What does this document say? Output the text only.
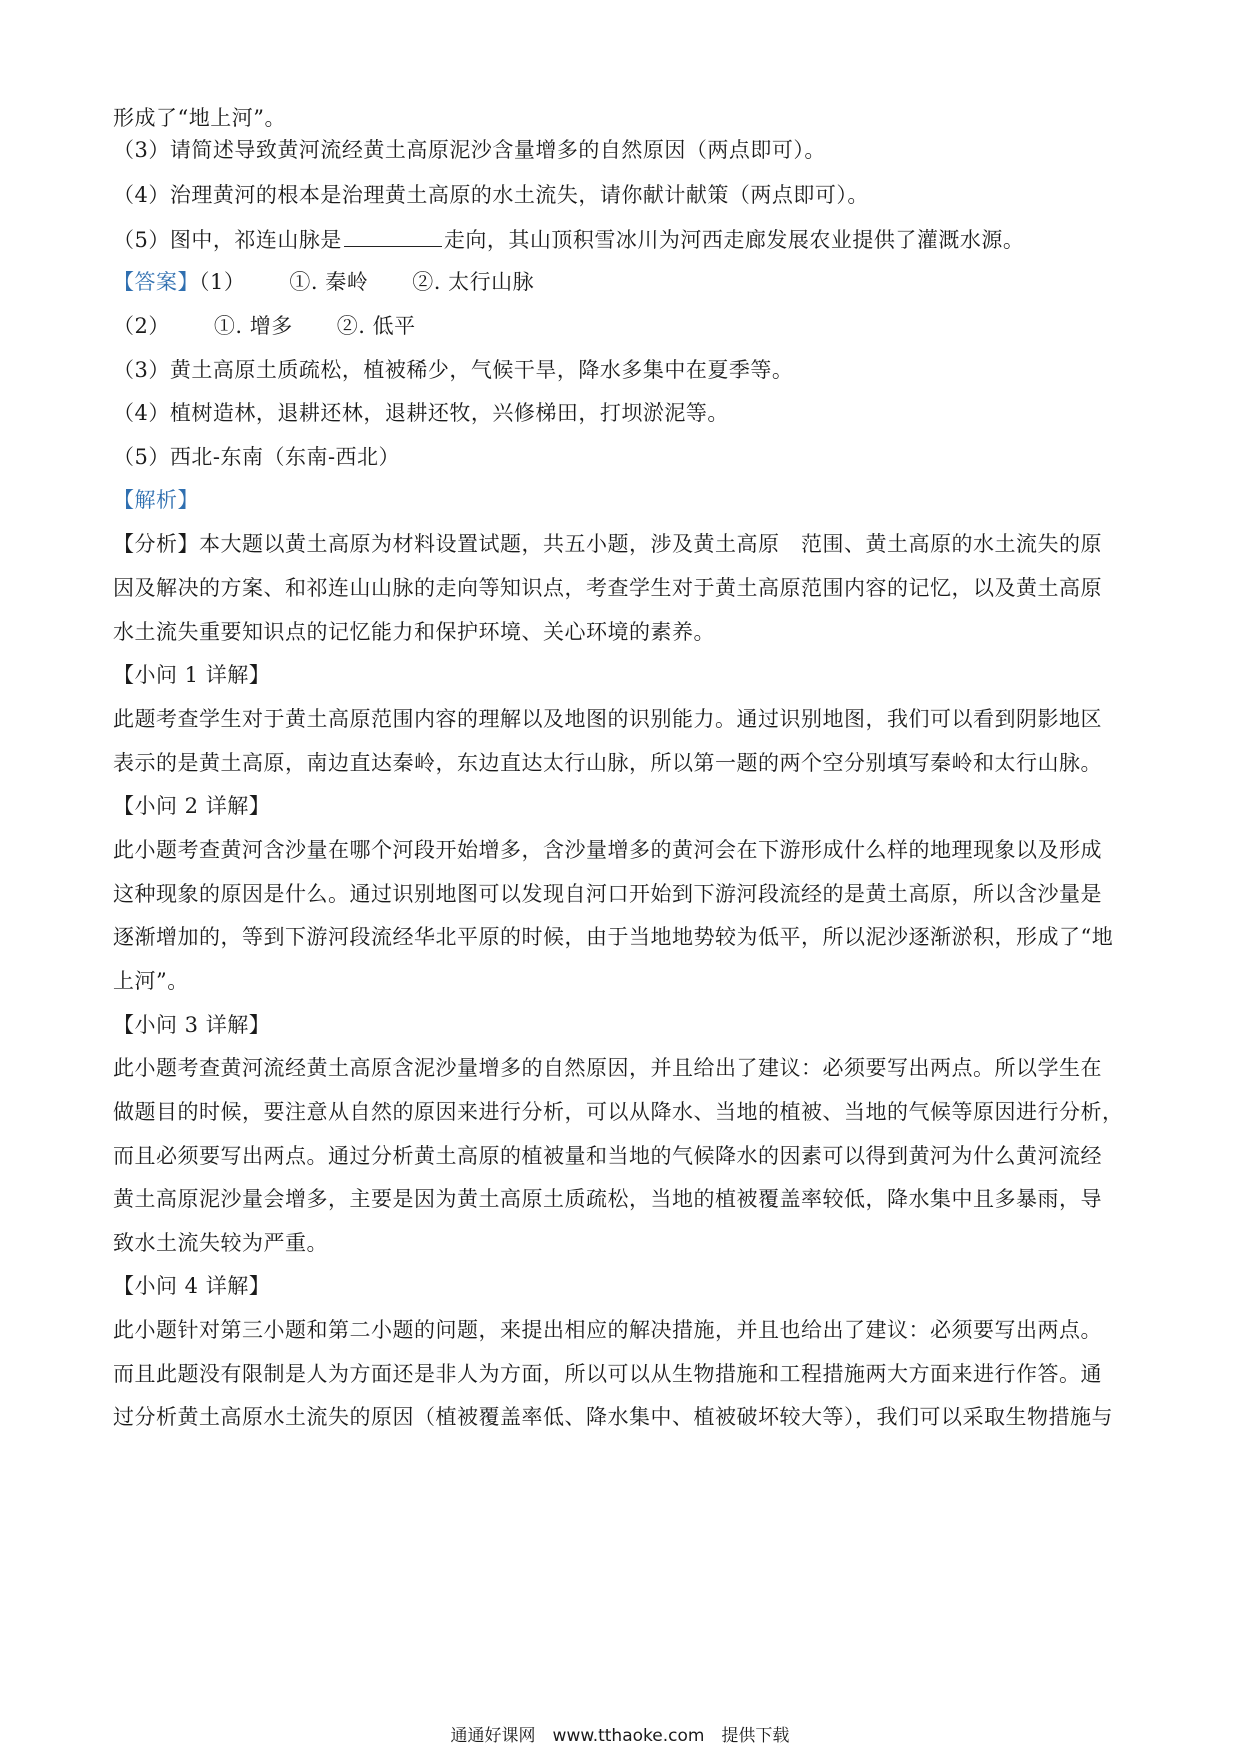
形成了“地上河”。
（3）请简述导致黄河流经黄土高原泥沙含量增多的自然原因（两点即可）。
（4）治理黄河的根本是治理黄土高原的水土流失，请你献计献策（两点即可）。
（5）图中，祁连山脉是	走向，其山顶积雪冰川为河西走廊发展农业提供了灌溉水源。
【答案】（1） ①. 秦岭 ②. 太行山脉
（2） ①. 增多 ②. 低平
（3）黄土高原土质疏松，植被稀少，气候干旱，降水多集中在夏季等。
（4）植树造林，退耕还林，退耕还牧，兴修梯田，打坝淤泥等。
（5）西北-东南（东南-西北）
【解析】
【分析】本大题以黄土高原为材料设置试题，共五小题，涉及黄土高原　范围、黄土高原的水土流失的原
因及解决的方案、和祁连山山脉的走向等知识点，考查学生对于黄土高原范围内容的记忆，以及黄土高原
水土流失重要知识点的记忆能力和保护环境、关心环境的素养。
【小问 1 详解】
此题考查学生对于黄土高原范围内容的理解以及地图的识别能力。通过识别地图，我们可以看到阴影地区
表示的是黄土高原，南边直达秦岭，东边直达太行山脉，所以第一题的两个空分别填写秦岭和太行山脉。
【小问 2 详解】
此小题考查黄河含沙量在哪个河段开始增多，含沙量增多的黄河会在下游形成什么样的地理现象以及形成
这种现象的原因是什么。通过识别地图可以发现自河口开始到下游河段流经的是黄土高原，所以含沙量是
逐渐增加的，等到下游河段流经华北平原的时候，由于当地地势较为低平，所以泥沙逐渐淤积，形成了“地
上河”。
【小问 3 详解】
此小题考查黄河流经黄土高原含泥沙量增多的自然原因，并且给出了建议：必须要写出两点。所以学生在
做题目的时候，要注意从自然的原因来进行分析，可以从降水、当地的植被、当地的气候等原因进行分析，
而且必须要写出两点。通过分析黄土高原的植被量和当地的气候降水的因素可以得到黄河为什么黄河流经
黄土高原泥沙量会增多，主要是因为黄土高原土质疏松，当地的植被覆盖率较低，降水集中且多暴雨，导
致水土流失较为严重。
【小问 4 详解】
此小题针对第三小题和第二小题的问题，来提出相应的解决措施，并且也给出了建议：必须要写出两点。
而且此题没有限制是人为方面还是非人为方面，所以可以从生物措施和工程措施两大方面来进行作答。通
过分析黄土高原水土流失的原因（植被覆盖率低、降水集中、植被破坏较大等），我们可以采取生物措施与
通通好课网　www.tthaoke.com　提供下载
